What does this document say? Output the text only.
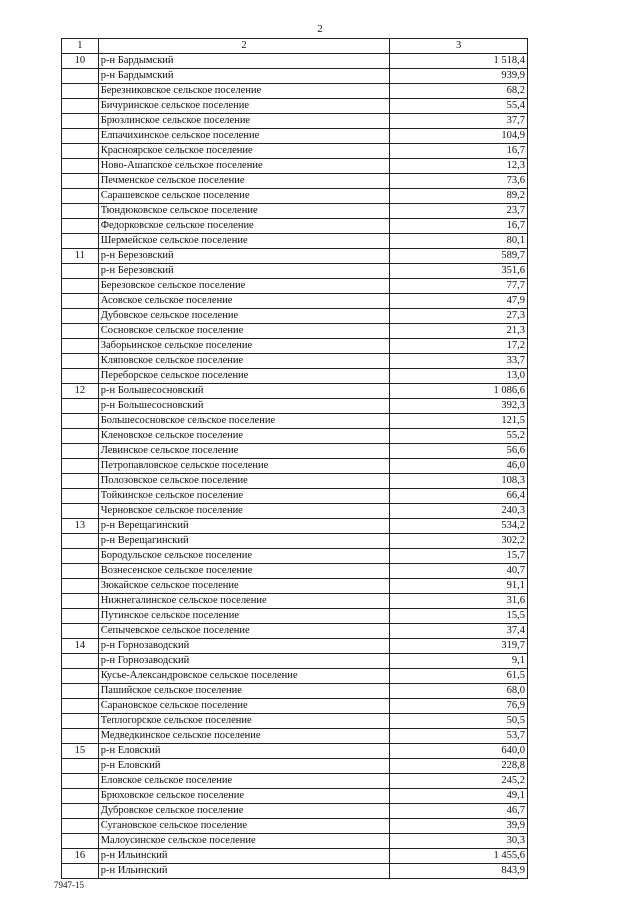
2
1	2	3
10	р-н Бардымский	1 518,4
	р-н Бардымский	939,9
	Березниковское сельское поселение	68,2
	Бичуринское сельское поселение	55,4
	Брюзлинское сельское поселение	37,7
	Елпачихинское сельское поселение	104,9
	Красноярское сельское поселение	16,7
	Ново-Ашапское сельское поселение	12,3
	Печменское сельское поселение	73,6
	Сарашевское сельское поселение	89,2
	Тюндюковское сельское поселение	23,7
	Федорковское сельское поселение	16,7
	Шермейское сельское поселение	80,1
11	р-н Березовский	589,7
	р-н Березовский	351,6
	Березовское сельское поселение	77,7
	Асовское сельское поселение	47,9
	Дубовское сельское поселение	27,3
	Сосновское сельское поселение	21,3
	Заборьинское сельское поселение	17,2
	Кляповское сельское поселение	33,7
	Переборское сельское поселение	13,0
12	р-н Большесосновский	1 086,6
	р-н Большесосновский	392,3
	Большесосновское сельское поселение	121,5
	Кленовское сельское поселение	55,2
	Левинское сельское поселение	56,6
	Петропавловское сельское поселение	46,0
	Полозовское сельское поселение	108,3
	Тойкинское сельское поселение	66,4
	Черновское сельское поселение	240,3
13	р-н Верещагинский	534,2
	р-н Верещагинский	302,2
	Бородульское сельское поселение	15,7
	Вознесенское сельское поселение	40,7
	Зюкайское сельское поселение	91,1
	Нижнегалинское сельское поселение	31,6
	Путинское сельское поселение	15,5
	Сепычевское сельское поселение	37,4
14	р-н Горнозаводский	319,7
	р-н Горнозаводский	9,1
	Кусье-Александровское сельское поселение	61,5
	Пашийское сельское поселение	68,0
	Сарановское сельское поселение	76,9
	Теплогорское сельское поселение	50,5
	Медведкинское сельское поселение	53,7
15	р-н Еловский	640,0
	р-н Еловский	228,8
	Еловское сельское поселение	245,2
	Брюховское сельское поселение	49,1
	Дубровское сельское поселение	46,7
	Сугановское сельское поселение	39,9
	Малоусинское сельское поселение	30,3
16	р-н Ильинский	1 455,6
	р-н Ильинский	843,9
7947-15
